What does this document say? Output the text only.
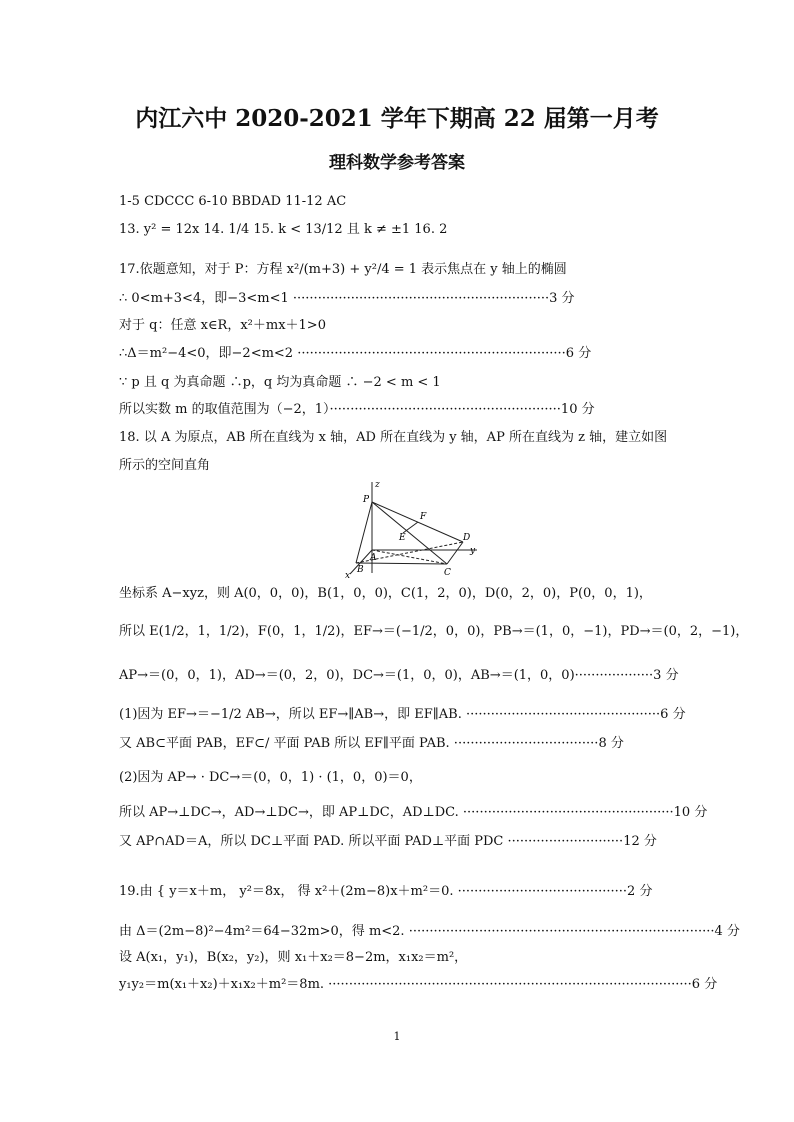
内江六中 2020-2021 学年下期高 22 届第一月考
理科数学参考答案
1-5 CDCCC 6-10 BBDAD 11-12 AC
13. y² = 12x 14. 1/4 15. k < 13/12 且 k ≠ ±1 16. 2
17.依题意知，对于 P：方程 x²/(m+3) + y²/4 = 1 表示焦点在 y 轴上的椭圆
∴ 0<m+3<4，即−3<m<1 ······························································3 分
对于 q：任意 x∈R，x²＋mx＋1>0
∴Δ＝m²−4<0，即−2<m<2 ·································································6 分
∵ p 且 q 为真命题 ∴p，q 均为真命题 ∴ −2 < m < 1
所以实数 m 的取值范围为（−2，1）························································10 分
18. 以 A 为原点，AB 所在直线为 x 轴，AD 所在直线为 y 轴，AP 所在直线为 z 轴，建立如图
所示的空间直角
z
P
F
E	D
y
A
B	C
x
坐标系 A−xyz，则 A(0，0，0)，B(1，0，0)，C(1，2，0)，D(0，2，0)，P(0，0，1)，
所以 E(1/2，1，1/2)，F(0，1，1/2)，EF→＝(−1/2，0，0)，PB→＝(1，0，−1)，PD→＝(0，2，−1)，
AP→＝(0，0，1)，AD→＝(0，2，0)，DC→＝(1，0，0)，AB→＝(1，0，0)···················3 分
(1)因为 EF→＝−1/2 AB→，所以 EF→∥AB→，即 EF∥AB. ···············································6 分
又 AB⊂平面 PAB，EF⊂/ 平面 PAB 所以 EF∥平面 PAB. ···································8 分
(2)因为 AP→ · DC→＝(0，0，1) · (1，0，0)＝0，
所以 AP→⊥DC→，AD→⊥DC→，即 AP⊥DC，AD⊥DC. ···················································10 分
又 AP∩AD＝A，所以 DC⊥平面 PAD. 所以平面 PAD⊥平面 PDC ····························12 分
19.由 { y＝x＋m， y²＝8x， 得 x²＋(2m−8)x＋m²＝0. ·········································2 分
由 Δ＝(2m−8)²−4m²＝64−32m>0，得 m<2. ··········································································4 分
设 A(x₁，y₁)，B(x₂，y₂)，则 x₁＋x₂＝8−2m，x₁x₂＝m²，
y₁y₂＝m(x₁＋x₂)＋x₁x₂＋m²＝8m. ························································································6 分
1
